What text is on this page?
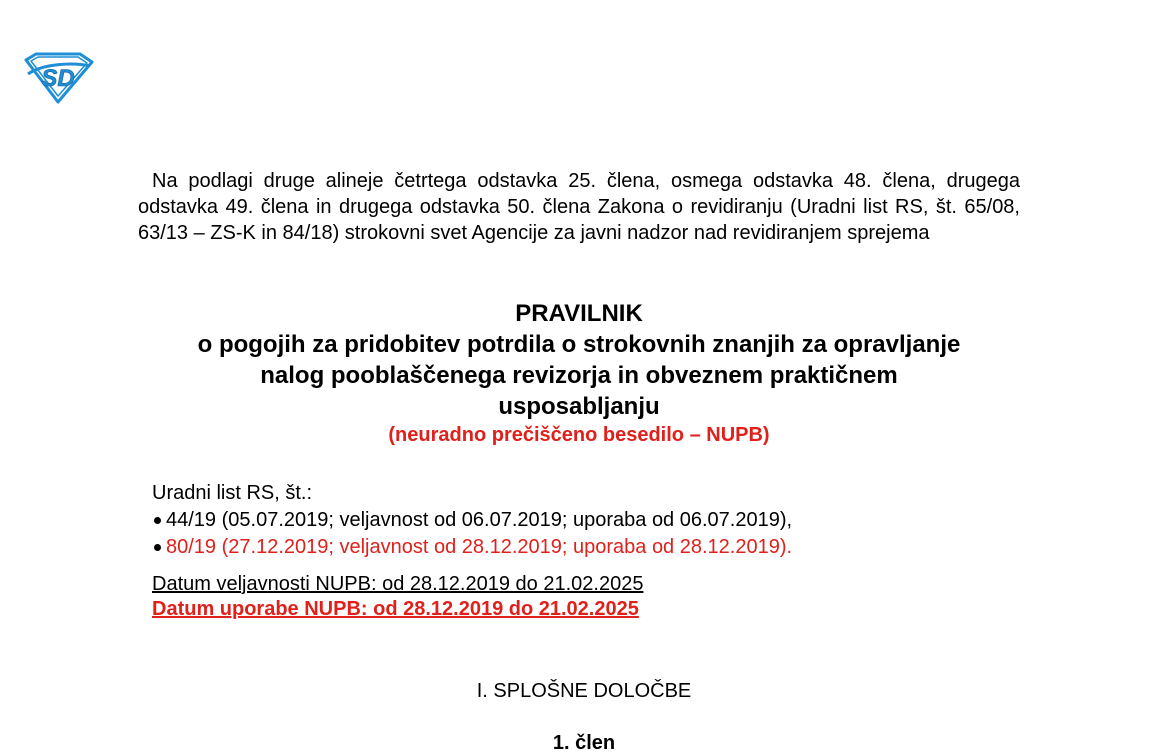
SD

Na podlagi druge alineje četrtega odstavka 25. člena, osmega odstavka 48. člena, drugega odstavka 49. člena in drugega odstavka 50. člena Zakona o revidiranju (Uradni list RS, št. 65/08, 63/13 – ZS-K in 84/18) strokovni svet Agencije za javni nadzor nad revidiranjem sprejema

PRAVILNIK

o pogojih za pridobitev potrdila o strokovnih znanjih za opravljanje

nalog pooblaščenega revizorja in obveznem praktičnem

usposabljanju

(neuradno prečiščeno besedilo – NUPB)

Uradni list RS, št.:
44/19 (05.07.2019; veljavnost od 06.07.2019; uporaba od 06.07.2019),
80/19 (27.12.2019; veljavnost od 28.12.2019; uporaba od 28.12.2019).
Datum veljavnosti NUPB: od 28.12.2019 do 21.02.2025
Datum uporabe NUPB: od 28.12.2019 do 21.02.2025

I. SPLOŠNE DOLOČBE

1. člen
